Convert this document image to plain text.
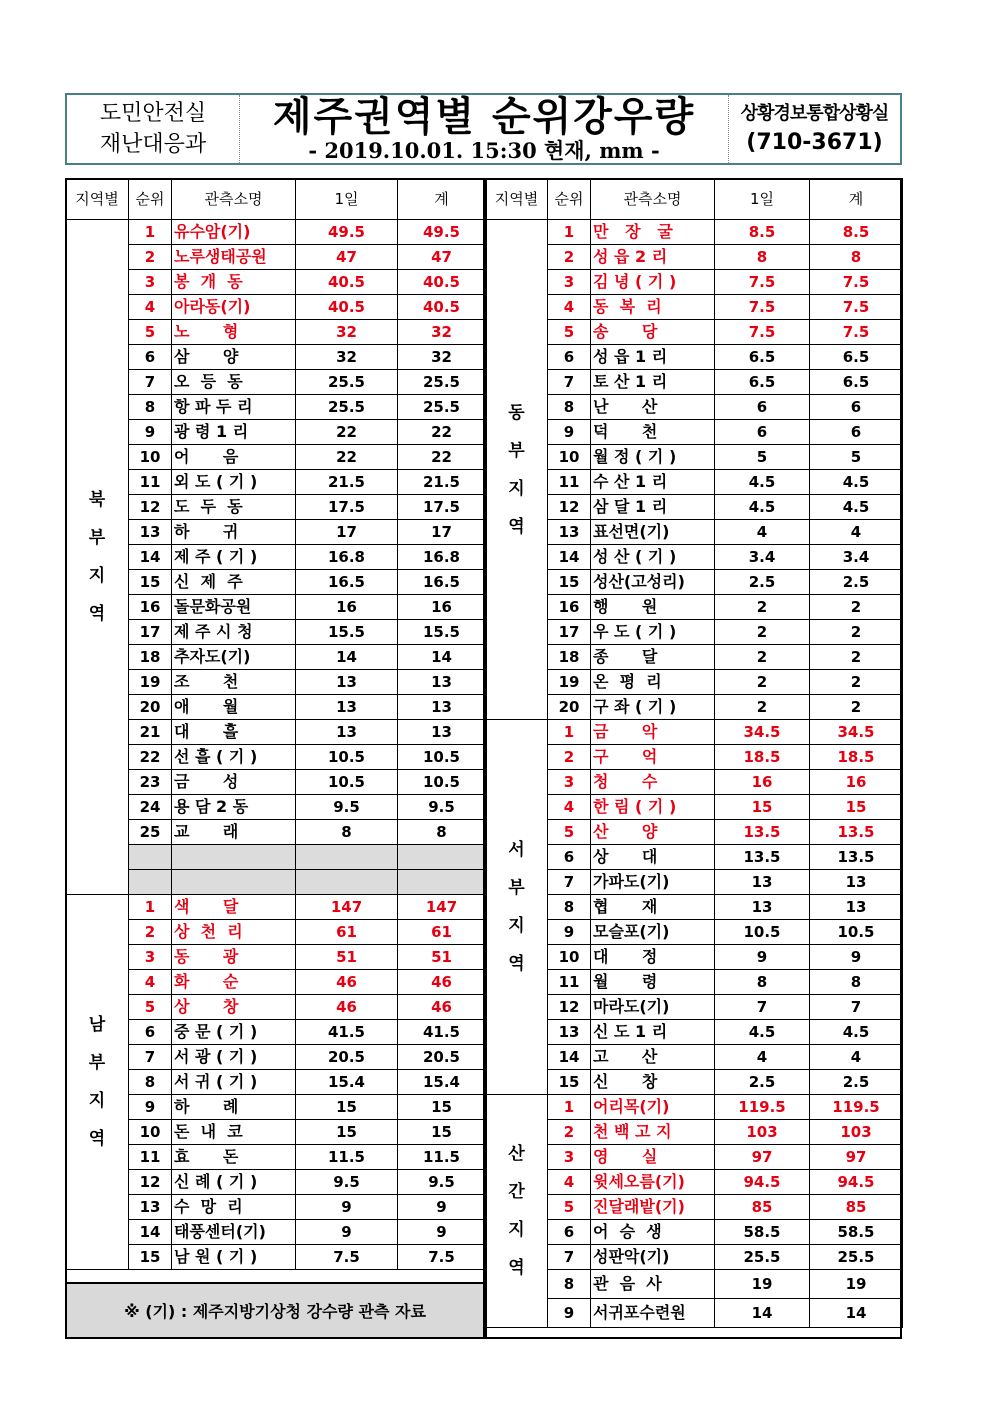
도민안전실
재난대응과
제주권역별 순위강우량
- 2019.10.01. 15:30 현재, mm -
상황경보통합상황실
(710-3671)
지역별	순위	관측소명	1일	계
북
부
지
역	1	유수암(기)	49.5	49.5
	2	노루생태공원	47	47
	3	봉  개  동	40.5	40.5
	4	아라동(기)	40.5	40.5
	5	노      형	32	32
	6	삼      양	32	32
	7	오  등  동	25.5	25.5
	8	항 파 두 리	25.5	25.5
	9	광 령 1 리	22	22
	10	어      음	22	22
	11	외 도 ( 기 )	21.5	21.5
	12	도  두  동	17.5	17.5
	13	하      귀	17	17
	14	제 주 ( 기 )	16.8	16.8
	15	신  제  주	16.5	16.5
	16	돌문화공원	16	16
	17	제 주 시 청	15.5	15.5
	18	추자도(기)	14	14
	19	조      천	13	13
	20	애      월	13	13
	21	대      흘	13	13
	22	선 흘 ( 기 )	10.5	10.5
	23	금      성	10.5	10.5
	24	용 담 2 동	9.5	9.5
	25	교      래	8	8

남
부
지
역	1	색      달	147	147
	2	상  천  리	61	61
	3	동      광	51	51
	4	화      순	46	46
	5	상      창	46	46
	6	중 문 ( 기 )	41.5	41.5
	7	서 광 ( 기 )	20.5	20.5
	8	서 귀 ( 기 )	15.4	15.4
	9	하      례	15	15
	10	돈  내  코	15	15
	11	효      돈	11.5	11.5
	12	신 례 ( 기 )	9.5	9.5
	13	수  망  리	9	9
	14	태풍센터(기)	9	9
	15	남 원 ( 기 )	7.5	7.5
지역별	순위	관측소명	1일	계
동
부
지
역	1	만   장   굴	8.5	8.5
	2	성 읍 2 리	8	8
	3	김 녕 ( 기 )	7.5	7.5
	4	동  복  리	7.5	7.5
	5	송      당	7.5	7.5
	6	성 읍 1 리	6.5	6.5
	7	토 산 1 리	6.5	6.5
	8	난      산	6	6
	9	덕      천	6	6
	10	월 정 ( 기 )	5	5
	11	수 산 1 리	4.5	4.5
	12	삼 달 1 리	4.5	4.5
	13	표선면(기)	4	4
	14	성 산 ( 기 )	3.4	3.4
	15	성산(고성리)	2.5	2.5
	16	행      원	2	2
	17	우 도 ( 기 )	2	2
	18	종      달	2	2
	19	온  평  리	2	2
	20	구 좌 ( 기 )	2	2
서
부
지
역	1	금      악	34.5	34.5
	2	구      억	18.5	18.5
	3	청      수	16	16
	4	한 림 ( 기 )	15	15
	5	산      양	13.5	13.5
	6	상      대	13.5	13.5
	7	가파도(기)	13	13
	8	협      재	13	13
	9	모슬포(기)	10.5	10.5
	10	대      정	9	9
	11	월      령	8	8
	12	마라도(기)	7	7
	13	신 도 1 리	4.5	4.5
	14	고      산	4	4
	15	신      창	2.5	2.5
산
간
지
역	1	어리목(기)	119.5	119.5
	2	천 백 고 지	103	103
	3	영      실	97	97
	4	윗세오름(기)	94.5	94.5
	5	진달래밭(기)	85	85
	6	어  승  생	58.5	58.5
	7	성판악(기)	25.5	25.5
	8	관  음  사	19	19
	9	서귀포수련원	14	14
※ (기) : 제주지방기상청 강수량 관측 자료
